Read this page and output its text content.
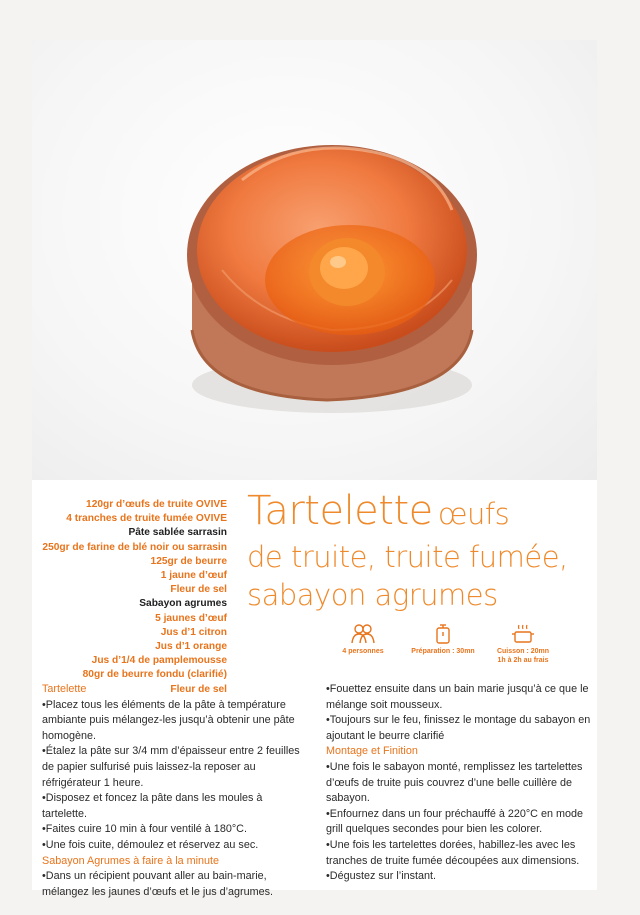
120gr d’œufs de truite OVIVE
4 tranches de truite fumée OVIVE
Pâte sablée sarrasin
250gr de farine de blé noir ou sarrasin
125gr de beurre
1 jaune d’œuf
Fleur de sel
Sabayon agrumes
5 jaunes d’œuf
Jus d’1 citron
Jus d’1 orange
Jus d’1/4 de pamplemousse
80gr de beurre fondu (clarifié)
Fleur de sel
Tartelette œufs
de truite, truite fumée,
sabayon agrumes
4 personnes	Préparation : 30mn	Cuisson : 20mn
1h à 2h au frais
Tartelette

•Placez tous les éléments de la pâte à température ambiante puis mélangez-les jusqu’à obtenir une pâte homogène.

•Étalez la pâte sur 3/4 mm d’épaisseur entre 2 feuilles de papier sulfurisé puis laissez-la reposer au réfrigérateur 1 heure.

•Disposez et foncez la pâte dans les moules à tartelette.

•Faites cuire 10 min à four ventilé à 180°C.

•Une fois cuite, démoulez et réservez au sec.

Sabayon Agrumes à faire à la minute

•Dans un récipient pouvant aller au bain-marie, mélangez les jaunes d’œufs et le jus d’agrumes.

•Fouettez ensuite dans un bain marie jusqu’à ce que le mélange soit mousseux.

•Toujours sur le feu, finissez le montage du sabayon en ajoutant le beurre clarifié

Montage et Finition

•Une fois le sabayon monté, remplissez les tartelettes d’œufs de truite puis couvrez d’une belle cuillère de sabayon.

•Enfournez dans un four préchauffé à 220°C en mode grill quelques secondes pour bien les colorer.

•Une fois les tartelettes dorées, habillez-les avec les tranches de truite fumée découpées aux dimensions.

•Dégustez sur l’instant.
